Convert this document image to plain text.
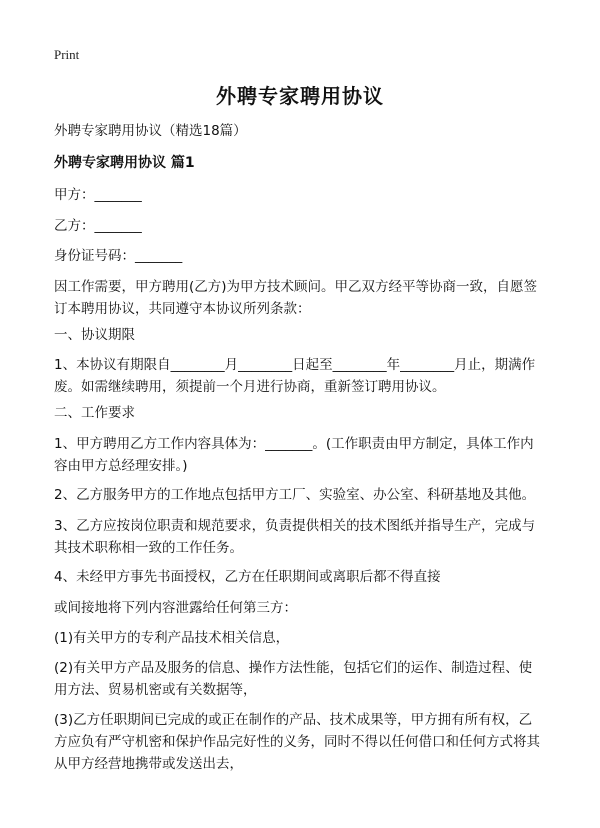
Print
外聘专家聘用协议
外聘专家聘用协议（精选18篇）
外聘专家聘用协议 篇1
甲方：_______
乙方：_______
身份证号码：_______
因工作需要，甲方聘用(乙方)为甲方技术顾问。甲乙双方经平等协商一致，自愿签
订本聘用协议，共同遵守本协议所列条款：
一、协议期限
1、本协议有期限自________月________日起至________年________月止，期满作
废。如需继续聘用，须提前一个月进行协商，重新签订聘用协议。
二、工作要求
1、甲方聘用乙方工作内容具体为：_______。(工作职责由甲方制定，具体工作内
容由甲方总经理安排。)
2、乙方服务甲方的工作地点包括甲方工厂、实验室、办公室、科研基地及其他。
3、乙方应按岗位职责和规范要求，负责提供相关的技术图纸并指导生产，完成与
其技术职称相一致的工作任务。
4、未经甲方事先书面授权，乙方在任职期间或离职后都不得直接
或间接地将下列内容泄露给任何第三方：
(1)有关甲方的专利产品技术相关信息，
(2)有关甲方产品及服务的信息、操作方法性能，包括它们的运作、制造过程、使
用方法、贸易机密或有关数据等，
(3)乙方任职期间已完成的或正在制作的产品、技术成果等，甲方拥有所有权，乙
方应负有严守机密和保护作品完好性的义务，同时不得以任何借口和任何方式将其
从甲方经营地携带或发送出去，
